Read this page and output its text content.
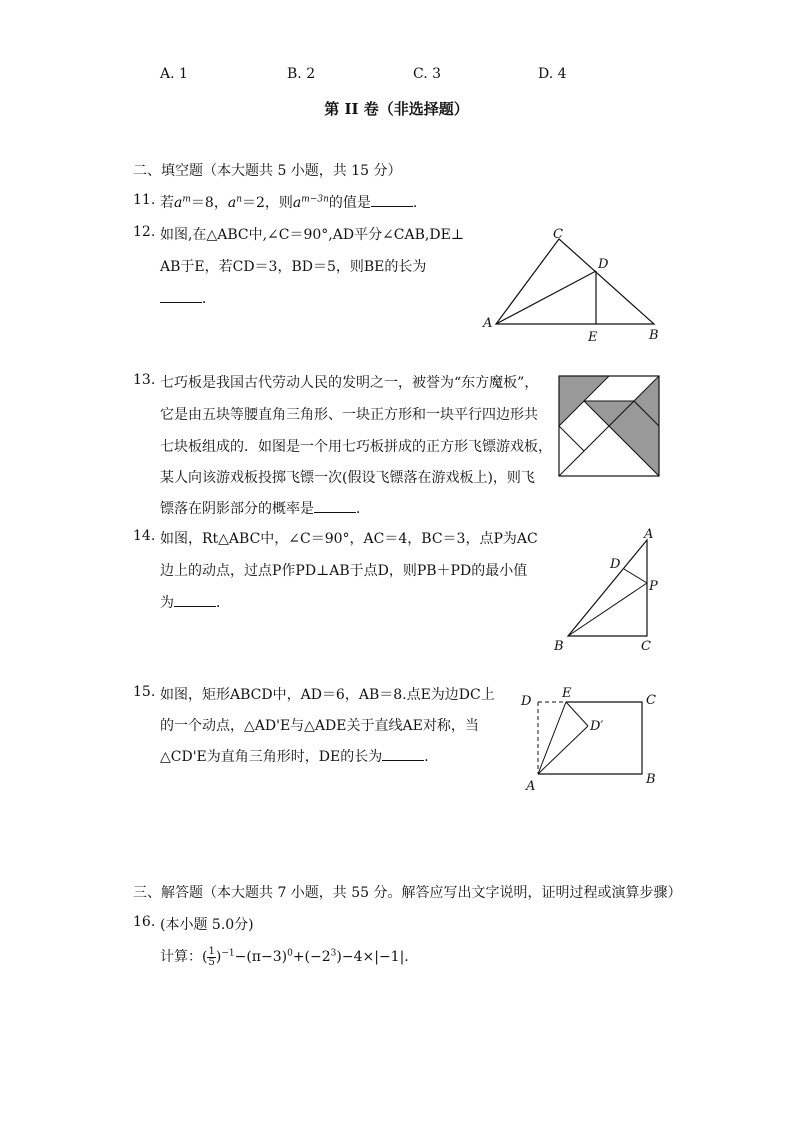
A. 1	B. 2	C. 3	D. 4
第 II 卷（非选择题）
二、填空题（本大题共 5 小题，共 15 分）
11. 若$a^m=8$，$a^n=2$，则$a^{m-3n}$的值是	.
12. 如图,在△ABC中,∠C＝90°,AD平分∠CAB,DE⊥
AB于E，若CD＝3，BD＝5，则BE的长为
．
C
D
A
E	B
13. 七巧板是我国古代劳动人民的发明之一，被誉为“东方魔板”，
它是由五块等腰直角三角形、一块正方形和一块平行四边形共
七块板组成的．如图是一个用七巧板拼成的正方形飞镖游戏板，
某人向该游戏板投掷飞镖一次(假设飞镖落在游戏板上)，则飞
镖落在阴影部分的概率是	．
14. 如图，Rt△ABC中，∠C＝90°，AC＝4，BC＝3，点P为AC
边上的动点，过点P作PD⊥AB于点D，则PB＋PD的最小值
为	．
A
D
P
B	C
15. 如图，矩形ABCD中，AD＝6，AB＝8.点E为边DC上
的一个动点，△AD'E与△ADE关于直线AE对称，当
△CD'E为直角三角形时，DE的长为	．
D
E	C
D′
A	B
三、解答题（本大题共 7 小题，共 55 分。解答应写出文字说明，证明过程或演算步骤）
16. (本小题 5.0分)
计算：( $\frac{1}{5} )^{-1}-(\pi-3)^0+(-2^3)-4\times|-1|$.
